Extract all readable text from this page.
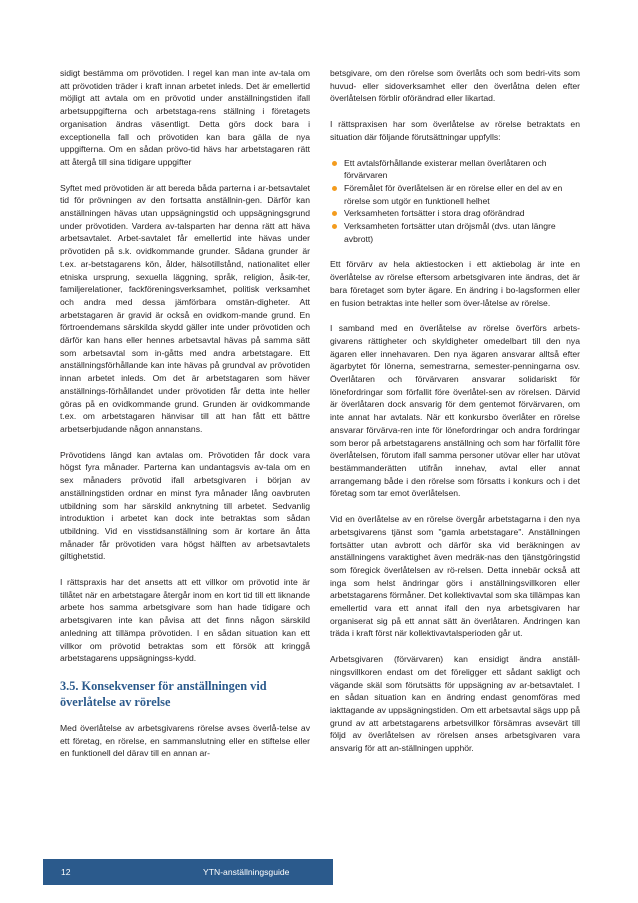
sidigt bestämma om prövotiden. I regel kan man inte av-tala om att prövotiden träder i kraft innan arbetet inleds. Det är emellertid möjligt att avtala om en prövotid under anställningstiden ifall arbetsuppgifterna och arbetstaga-rens ställning i företagets organisation ändras väsentligt. Detta görs dock bara i exceptionella fall och prövotiden kan bara gälla de nya uppgifterna. Om en sådan prövo-tid hävs har arbetstagaren rätt att återgå till sina tidigare uppgifter

Syftet med prövotiden är att bereda båda parterna i ar-betsavtalet tid för prövningen av den fortsatta anställnin-gen. Därför kan anställningen hävas utan uppsägningstid och uppsägningsgrund under prövotiden. Vardera av-talsparten har denna rätt att häva arbetsavtalet. Arbet-savtalet får emellertid inte hävas under prövotiden på s.k. ovidkommande grunder. Sådana grunder är t.ex. ar-betstagarens kön, ålder, hälsotillstånd, nationalitet eller etniska ursprung, sexuella läggning, språk, religion, åsik-ter, familjerelationer, fackföreningsverksamhet, politisk verksamhet och andra med dessa jämförbara omstän-digheter. Att arbetstagaren är gravid är också en ovidkom-mande grund. En förtroendemans särskilda skydd gäller inte under prövotiden och därför kan hans eller hennes arbetsavtal hävas på samma sätt som arbetsavtal som in-gåtts med andra arbetstagare. Ett anställningsförhållande kan inte hävas på grundval av prövotiden innan arbetet inleds. Om det är arbetstagaren som häver anställnings-förhållandet under prövotiden får detta inte heller göras på en ovidkommande grund. Grunden är ovidkommande t.ex. om arbetstagaren hänvisar till att han fått ett bättre arbetserbjudande någon annanstans.

Prövotidens längd kan avtalas om. Prövotiden får dock vara högst fyra månader. Parterna kan undantagsvis av-tala om en sex månaders prövotid ifall arbetsgivaren i början av anställningstiden ordnar en minst fyra månader lång oavbruten utbildning som har särskild anknytning till arbetet. Sedvanlig introduktion i arbetet kan dock inte betraktas som sådan utbildning. Vid en visstidsanställning som är kortare än åtta månader får prövotiden vara högst hälften av arbetsavtalets giltighetstid.

I rättspraxis har det ansetts att ett villkor om prövotid inte är tillåtet när en arbetstagare återgår inom en kort tid till ett liknande arbete hos samma arbetsgivare som han hade tidigare och arbetsgivaren inte kan påvisa att det finns någon särskild anledning att tillämpa prövotiden. I en sådan situation kan ett villkor om prövotid betraktas som ett försök att kringgå arbetstagarens uppsägningss-kydd.

3.5. Konsekvenser för anställningen vid överlåtelse av rörelse

Med överlåtelse av arbetsgivarens rörelse avses överlå-telse av ett företag, en rörelse, en sammanslutning eller en stiftelse eller en funktionell del därav till en annan ar-

betsgivare, om den rörelse som överlåts och som bedri-vits som huvud- eller sidoverksamhet eller den överlåtna delen efter överlåtelsen förblir oförändrad eller likartad.

I rättspraxisen har som överlåtelse av rörelse betraktats en situation där följande förutsättningar uppfylls:

Ett avtalsförhållande existerar mellan överlåtaren och förvärvaren
Föremålet för överlåtelsen är en rörelse eller en del av en rörelse som utgör en funktionell helhet
Verksamheten fortsätter i stora drag oförändrad
Verksamheten fortsätter utan dröjsmål (dvs. utan längre avbrott)

Ett förvärv av hela aktiestocken i ett aktiebolag är inte en överlåtelse av rörelse eftersom arbetsgivaren inte ändras, det är bara företaget som byter ägare. En ändring i bo-lagsformen eller en fusion betraktas inte heller som över-låtelse av rörelse.

I samband med en överlåtelse av rörelse överförs arbets-givarens rättigheter och skyldigheter omedelbart till den nya ägaren eller innehavaren. Den nya ägaren ansvarar alltså efter ägarbytet för lönerna, semestrarna, semester-penningarna osv. Överlåtaren och förvärvaren ansvarar solidariskt för lönefordringar som förfallit före överlåtel-sen av rörelsen. Därvid är överlåtaren dock ansvarig för dem gentemot förvärvaren, om inte annat har avtalats. När ett konkursbo överlåter en rörelse ansvarar förvärva-ren inte för lönefordringar och andra fordringar som beror på arbetstagarens anställning och som har förfallit före överlåtelsen, förutom ifall samma personer utövar eller har utövat bestämmanderätten utifrån innehav, avtal eller annat arrangemang både i den rörelse som försatts i konkurs och i det företag som tar emot överlåtelsen.

Vid en överlåtelse av en rörelse övergår arbetstagarna i den nya arbetsgivarens tjänst som "gamla arbetstagare". Anställningen fortsätter utan avbrott och därför ska vid beräkningen av anställningens varaktighet även medräk-nas den tjänstgöringstid som föregick överlåtelsen av rö-relsen. Detta innebär också att inga som helst ändringar görs i anställningsvillkoren eller arbetstagarens förmåner. Det kollektivavtal som ska tillämpas kan emellertid vara ett annat ifall den nya arbetsgivaren har organiserat sig på ett annat sätt än överlåtaren. Ändringen kan träda i kraft först när kollektivavtalsperioden går ut.

Arbetsgivaren (förvärvaren) kan ensidigt ändra anställ-ningsvillkoren endast om det föreligger ett sådant sakligt och vägande skäl som förutsätts för uppsägning av ar-betsavtalet. I en sådan situation kan en ändring endast genomföras med iakttagande av uppsägningstiden. Om ett arbetsavtal sägs upp på grund av att arbetstagarens arbetsvillkor försämras avsevärt till följd av överlåtelsen av rörelsen anses arbetsgivaren vara ansvarig för att an-ställningen upphör.

12	YTN-anställningsguide
